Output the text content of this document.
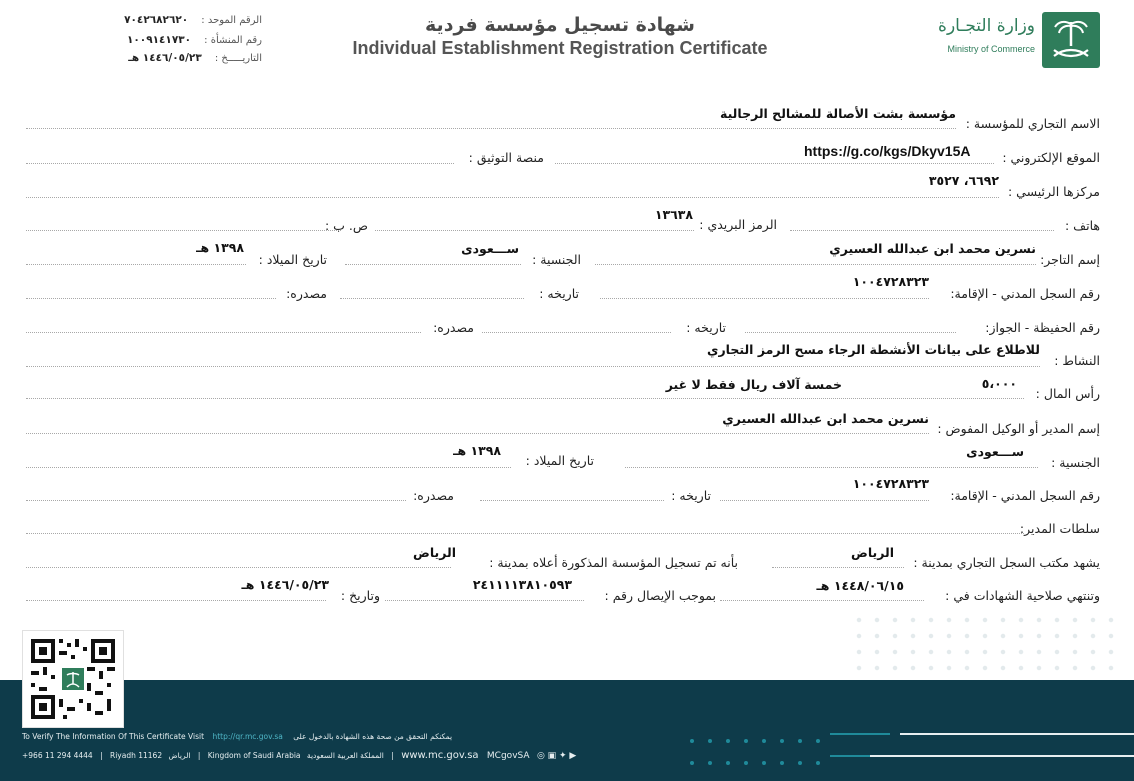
الرقم الموحد : ٧٠٤٢٦٨٢٦٢٠
رقم المنشأة : ١٠٠٩١٤١٧٣٠
التاريـــــخ : ١٤٤٦/٠٥/٢٣ هـ
شهادة تسجيل مؤسسة فردية
Individual Establishment Registration Certificate
وزارة التجـارة
Ministry of Commerce
الاسم التجاري للمؤسسة :
مؤسسة بشت الأصالة للمشالح الرجالية
الموقع الإلكتروني :
https://g.co/kgs/Dkyv15A
منصة التوثيق :
مركزها الرئيسي :
٦٦٩٢، ٣٥٢٧
هاتف :
الرمز البريدي :
١٣٦٣٨
ص. ب :
إسم التاجر:
نسرين محمد ابن عبدالله العسيري
الجنسية :
ســـعودى
تاريخ الميلاد :
١٣٩٨ هـ
رقم السجل المدني - الإقامة:
١٠٠٤٧٢٨٣٢٣
تاريخه :
مصدره:
رقم الحفيظة - الجواز:
تاريخه :
مصدره:
النشاط :
للاطلاع على بيانات الأنشطة الرجاء مسح الرمز التجاري
رأس المال :
٥،٠٠٠
خمسة آلاف ريال فقط لا غير
إسم المدير أو الوكيل المفوض :
نسرين محمد ابن عبدالله العسيري
الجنسية :
ســـعودى
تاريخ الميلاد :
١٣٩٨ هـ
رقم السجل المدني - الإقامة:
١٠٠٤٧٢٨٣٢٣
تاريخه :
مصدره:
سلطات المدير:
يشهد مكتب السجل التجاري بمدينة :
الرياض
بأنه تم تسجيل المؤسسة المذكورة أعلاه بمدينة :
الرياض
وتنتهي صلاحية الشهادات في :
١٤٤٨/٠٦/١٥ هـ
بموجب الإيصال رقم :
٢٤١١١١٣٨١٠٥٩٣
وتاريخ :
١٤٤٦/٠٥/٢٣ هـ
To Verify The Information Of This Certificate Visit http://qr.mc.gov.sa يمكنكم التحقق من صحة هذه الشهادة بالدخول على
+966 11 294 4444 | Riyadh 11162 الرياض | Kingdom of Saudi Arabia المملكة العربية السعودية | www.mc.gov.sa MCgovSA ◎ ▣ ✦ ▶
